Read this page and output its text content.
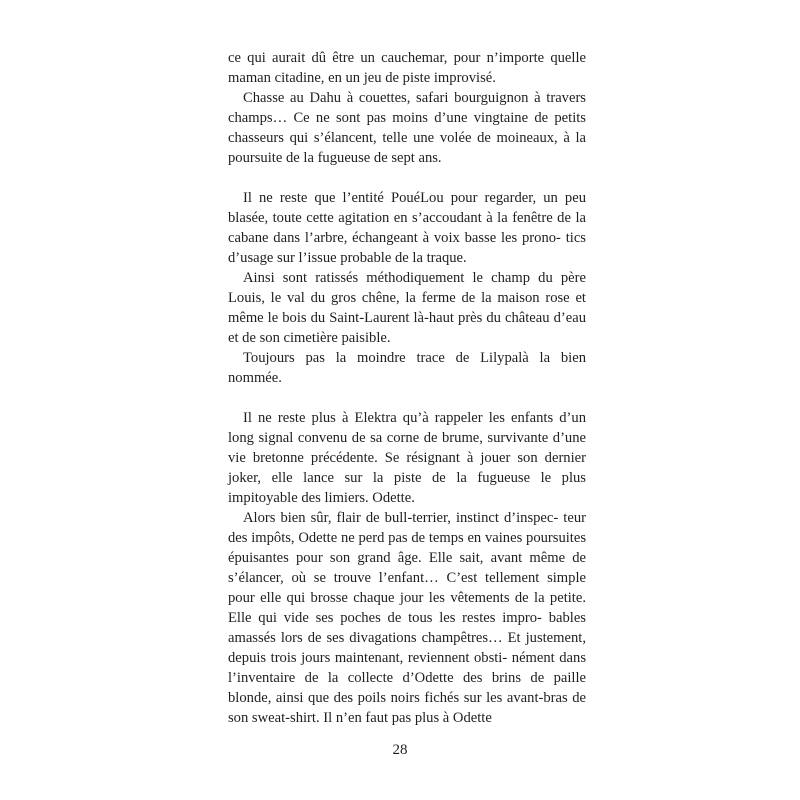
ce qui aurait dû être un cauchemar, pour n’importe quelle maman citadine, en un jeu de piste improvisé.

Chasse au Dahu à couettes, safari bourguignon à travers champs… Ce ne sont pas moins d’une vingtaine de petits chasseurs qui s’élancent, telle une volée de moineaux, à la poursuite de la fugueuse de sept ans.

Il ne reste que l’entité PouéLou pour regarder, un peu blasée, toute cette agitation en s’accoudant à la fenêtre de la cabane dans l’arbre, échangeant à voix basse les prono- tics d’usage sur l’issue probable de la traque.

Ainsi sont ratissés méthodiquement le champ du père Louis, le val du gros chêne, la ferme de la maison rose et même le bois du Saint-Laurent là-haut près du château d’eau et de son cimetière paisible.

Toujours pas la moindre trace de Lilypalà la bien nommée.

Il ne reste plus à Elektra qu’à rappeler les enfants d’un long signal convenu de sa corne de brume, survivante d’une vie bretonne précédente. Se résignant à jouer son dernier joker, elle lance sur la piste de la fugueuse le plus impitoyable des limiers. Odette.

Alors bien sûr, flair de bull-terrier, instinct d’inspec- teur des impôts, Odette ne perd pas de temps en vaines poursuites épuisantes pour son grand âge. Elle sait, avant même de s’élancer, où se trouve l’enfant… C’est tellement simple pour elle qui brosse chaque jour les vêtements de la petite. Elle qui vide ses poches de tous les restes impro- bables amassés lors de ses divagations champêtres… Et justement, depuis trois jours maintenant, reviennent obsti- nément dans l’inventaire de la collecte d’Odette des brins de paille blonde, ainsi que des poils noirs fichés sur les avant-bras de son sweat-shirt. Il n’en faut pas plus à Odette

28
